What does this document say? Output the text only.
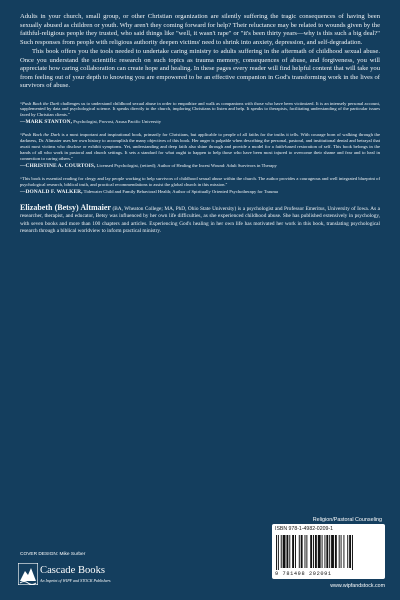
Adults in your church, small group, or other Christian organization are silently suffering the tragic consequences of having been sexually abused as children or youth. Why aren't they coming forward for help? Their reluctance may be related to wounds given by the faithful-religious people they trusted, who said things like "well, it wasn't rape" or "it's been thirty years—why is this such a big deal?" Such responses from people with religious authority deepen victims' need to shrink into anxiety, depression, and self-degradation.

This book offers you the tools needed to undertake caring ministry to adults suffering in the aftermath of childhood sexual abuse. Once you understand the scientific research on such topics as trauma memory, consequences of abuse, and forgiveness, you will appreciate how caring collaboration can create hope and healing. In these pages every reader will find helpful content that will take you from feeling out of your depth to knowing you are empowered to be an effective companion in God's transforming work in the lives of survivors of abuse.

“Push Back the Dark challenges us to understand childhood sexual abuse in order to empathize and walk as companions with those who have been victimized. It is an intensely personal account, supplemented by data and psychological science. It speaks directly to the church, imploring Christians to listen and help. It speaks to therapists, facilitating understanding of the particular issues faced by Christian clients."

—MARK STANTON, Psychologist, Provost, Azusa Pacific University

“Push Back the Dark is a most important and inspirational book, primarily for Christians, but applicable to people of all faiths for the truths it tells. With courage born of walking through the darkness, Dr. Altmaier uses her own history to accomplish the many objectives of this book. Her anger is palpable when describing the personal, pastoral, and institutional denial and betrayal that await most victims who disclose or exhibit symptoms. Yet, understanding and deep faith also shine through and provide a model for a faith-based restoration of self. This book belongs in the hands of all who work in pastoral and church settings. It sets a standard for what ought to happen to help those who have been most injured to overcome their shame and fear and to heal in connection to caring others."

—CHRISTINE A. COURTOIS, Licensed Psychologist, (retired); Author of Healing the Incest Wound: Adult Survivors in Therapy

“This book is essential reading for clergy and lay people working to help survivors of childhood sexual abuse within the church. The author provides a courageous and well integrated blueprint of psychological research, biblical truth, and practical recommendations to assist the global church in this mission."

—DONALD F. WALKER, Tidewater Child and Family Behavioral Health; Author of Spiritually Oriented Psychotherapy for Trauma

Elizabeth (Betsy) Altmaier (BA, Wheaton College; MA, PhD, Ohio State University) is a psychologist and Professor Emeritus, University of Iowa. As a researcher, therapist, and educator, Betsy was influenced by her own life difficulties, as she experienced childhood abuse. She has published extensively in psychology, with seven books and more than 100 chapters and articles. Experiencing God's healing in her own life has motivated her work in this book, translating psychological research through a biblical worldview to inform practical ministry.

Religion/Pastoral Counseling
ISBN 978-1-4982-0209-1
9 781498 202091
www.wipfandstock.com
COVER DESIGN: Mike Surber
Cascade Books
An Imprint of WIPF and STOCK Publishers
